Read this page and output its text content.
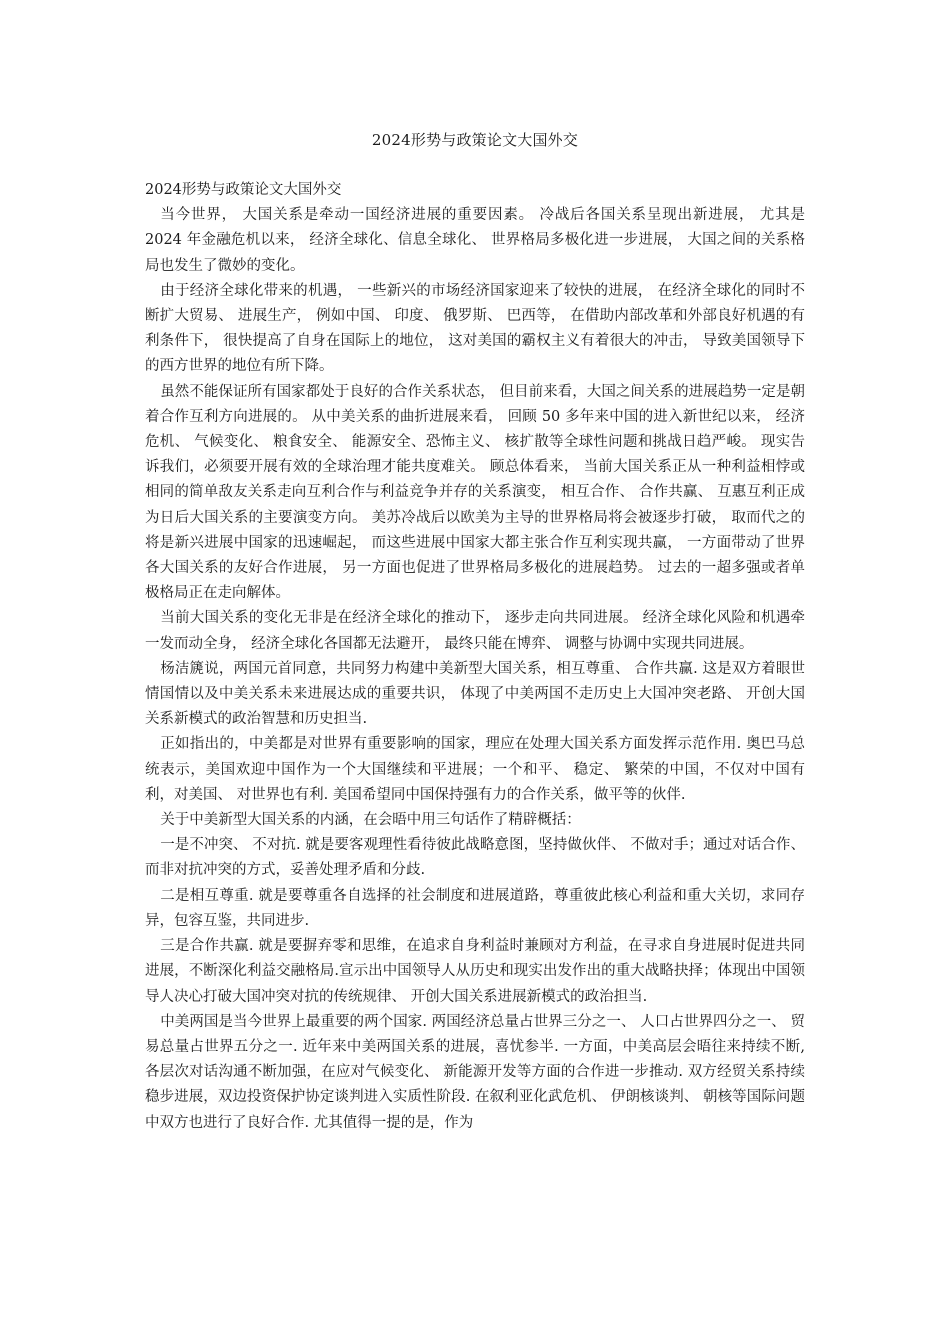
2024形势与政策论文大国外交

2024形势与政策论文大国外交

当今世界， 大国关系是牵动一国经济进展的重要因素。 冷战后各国关系呈现出新进展， 尤其是 2024 年金融危机以来， 经济全球化、信息全球化、 世界格局多极化进一步进展， 大国之间的关系格局也发生了微妙的变化。

由于经济全球化带来的机遇， 一些新兴的市场经济国家迎来了较快的进展， 在经济全球化的同时不断扩大贸易、 进展生产， 例如中国、 印度、 俄罗斯、 巴西等， 在借助内部改革和外部良好机遇的有利条件下， 很快提高了自身在国际上的地位， 这对美国的霸权主义有着很大的冲击， 导致美国领导下的西方世界的地位有所下降。

虽然不能保证所有国家都处于良好的合作关系状态， 但目前来看，大国之间关系的进展趋势一定是朝着合作互利方向进展的。 从中美关系的曲折进展来看， 回顾 50 多年来中国的进入新世纪以来， 经济危机、 气候变化、 粮食安全、 能源安全、恐怖主义、 核扩散等全球性问题和挑战日趋严峻。 现实告诉我们，必须要开展有效的全球治理才能共度难关。 顾总体看来， 当前大国关系正从一种利益相悖或相同的简单敌友关系走向互利合作与利益竞争并存的关系演变， 相互合作、 合作共赢、 互惠互利正成为日后大国关系的主要演变方向。 美苏冷战后以欧美为主导的世界格局将会被逐步打破， 取而代之的将是新兴进展中国家的迅速崛起， 而这些进展中国家大都主张合作互利实现共赢， 一方面带动了世界各大国关系的友好合作进展， 另一方面也促进了世界格局多极化的进展趋势。 过去的一超多强或者单极格局正在走向解体。

当前大国关系的变化无非是在经济全球化的推动下， 逐步走向共同进展。 经济全球化风险和机遇牵一发而动全身， 经济全球化各国都无法避开， 最终只能在博弈、 调整与协调中实现共同进展。

杨洁篪说，两国元首同意，共同努力构建中美新型大国关系，相互尊重、 合作共赢. 这是双方着眼世情国情以及中美关系未来进展达成的重要共识， 体现了中美两国不走历史上大国冲突老路、 开创大国关系新模式的政治智慧和历史担当.

正如指出的，中美都是对世界有重要影响的国家，理应在处理大国关系方面发挥示范作用. 奥巴马总统表示，美国欢迎中国作为一个大国继续和平进展；一个和平、 稳定、 繁荣的中国，不仅对中国有利，对美国、 对世界也有利. 美国希望同中国保持强有力的合作关系，做平等的伙伴.

关于中美新型大国关系的内涵，在会晤中用三句话作了精辟概括：

一是不冲突、 不对抗. 就是要客观理性看待彼此战略意图，坚持做伙伴、 不做对手；通过对话合作、 而非对抗冲突的方式，妥善处理矛盾和分歧.

二是相互尊重. 就是要尊重各自选择的社会制度和进展道路，尊重彼此核心利益和重大关切，求同存异，包容互鉴，共同进步.

三是合作共赢. 就是要摒弃零和思维，在追求自身利益时兼顾对方利益，在寻求自身进展时促进共同进展，不断深化利益交融格局.宣示出中国领导人从历史和现实出发作出的重大战略抉择；体现出中国领导人决心打破大国冲突对抗的传统规律、 开创大国关系进展新模式的政治担当.

中美两国是当今世界上最重要的两个国家. 两国经济总量占世界三分之一、 人口占世界四分之一、 贸易总量占世界五分之一. 近年来中美两国关系的进展，喜忧参半. 一方面，中美高层会晤往来持续不断,各层次对话沟通不断加强，在应对气候变化、 新能源开发等方面的合作进一步推动. 双方经贸关系持续稳步进展，双边投资保护协定谈判进入实质性阶段. 在叙利亚化武危机、 伊朗核谈判、 朝核等国际问题中双方也进行了良好合作. 尤其值得一提的是，作为
